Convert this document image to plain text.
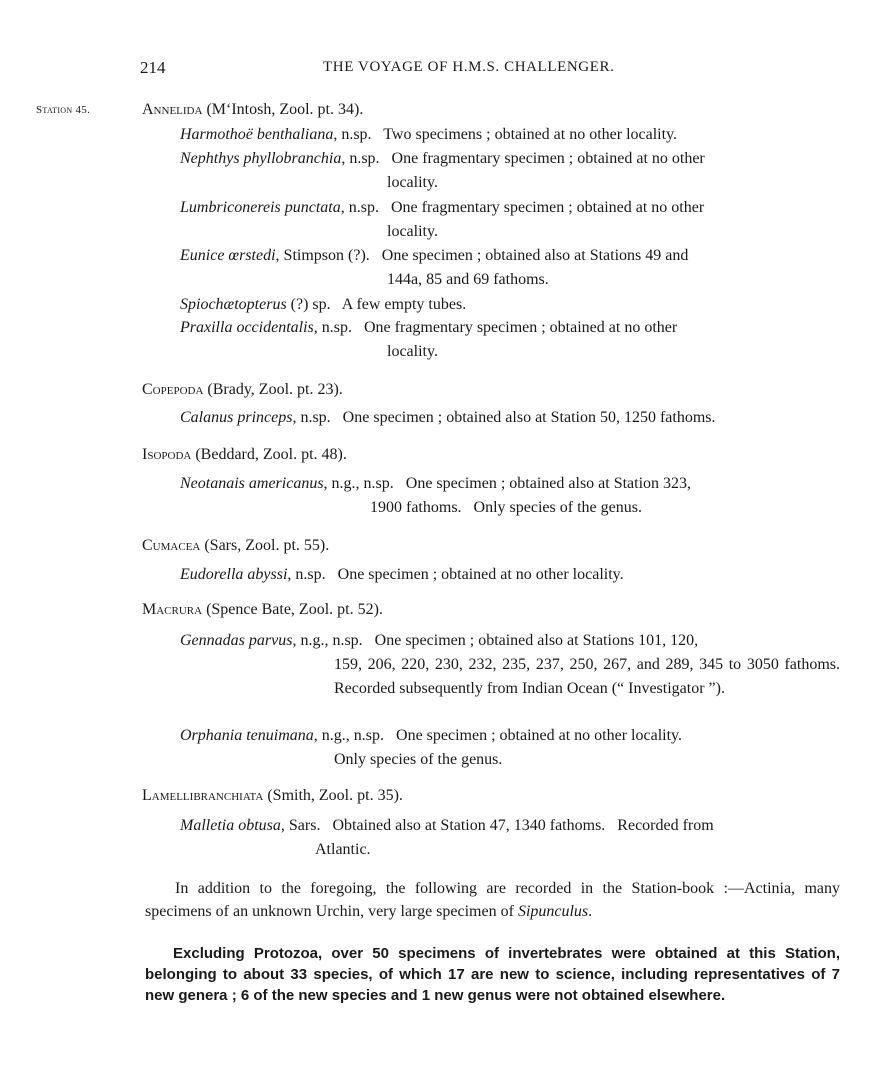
214	THE VOYAGE OF H.M.S. CHALLENGER.
Station 45.	Annelida (M‘Intosh, Zool. pt. 34).
Harmothoë benthaliana, n.sp.   Two specimens ; obtained at no other locality.
Nephthys phyllobranchia, n.sp.   One fragmentary specimen ; obtained at no other
locality.
Lumbriconereis punctata, n.sp.   One fragmentary specimen ; obtained at no other
locality.
Eunice œrstedi, Stimpson (?).   One specimen ; obtained also at Stations 49 and
144a, 85 and 69 fathoms.
Spiochætopterus (?) sp.   A few empty tubes.
Praxilla occidentalis, n.sp.   One fragmentary specimen ; obtained at no other
locality.
Copepoda (Brady, Zool. pt. 23).
Calanus princeps, n.sp.   One specimen ; obtained also at Station 50, 1250 fathoms.
Isopoda (Beddard, Zool. pt. 48).
Neotanais americanus, n.g., n.sp.   One specimen ; obtained also at Station 323,
1900 fathoms.   Only species of the genus.
Cumacea (Sars, Zool. pt. 55).
Eudorella abyssi, n.sp.   One specimen ; obtained at no other locality.
Macrura (Spence Bate, Zool. pt. 52).
Gennadas parvus, n.g., n.sp.   One specimen ; obtained also at Stations 101, 120,
159, 206, 220, 230, 232, 235, 237, 250, 267, and 289, 345 to 3050 fathoms.   Recorded subsequently from Indian Ocean (“ Investigator ”).
Orphania tenuimana, n.g., n.sp.   One specimen ; obtained at no other locality.
Only species of the genus.
Lamellibranchiata (Smith, Zool. pt. 35).
Malletia obtusa, Sars.   Obtained also at Station 47, 1340 fathoms.   Recorded from
Atlantic.
In addition to the foregoing, the following are recorded in the Station-book :—Actinia, many specimens of an unknown Urchin, very large specimen of Sipunculus.
Excluding Protozoa, over 50 specimens of invertebrates were obtained at this Station, belonging to about 33 species, of which 17 are new to science, including representatives of 7 new genera ; 6 of the new species and 1 new genus were not obtained elsewhere.
